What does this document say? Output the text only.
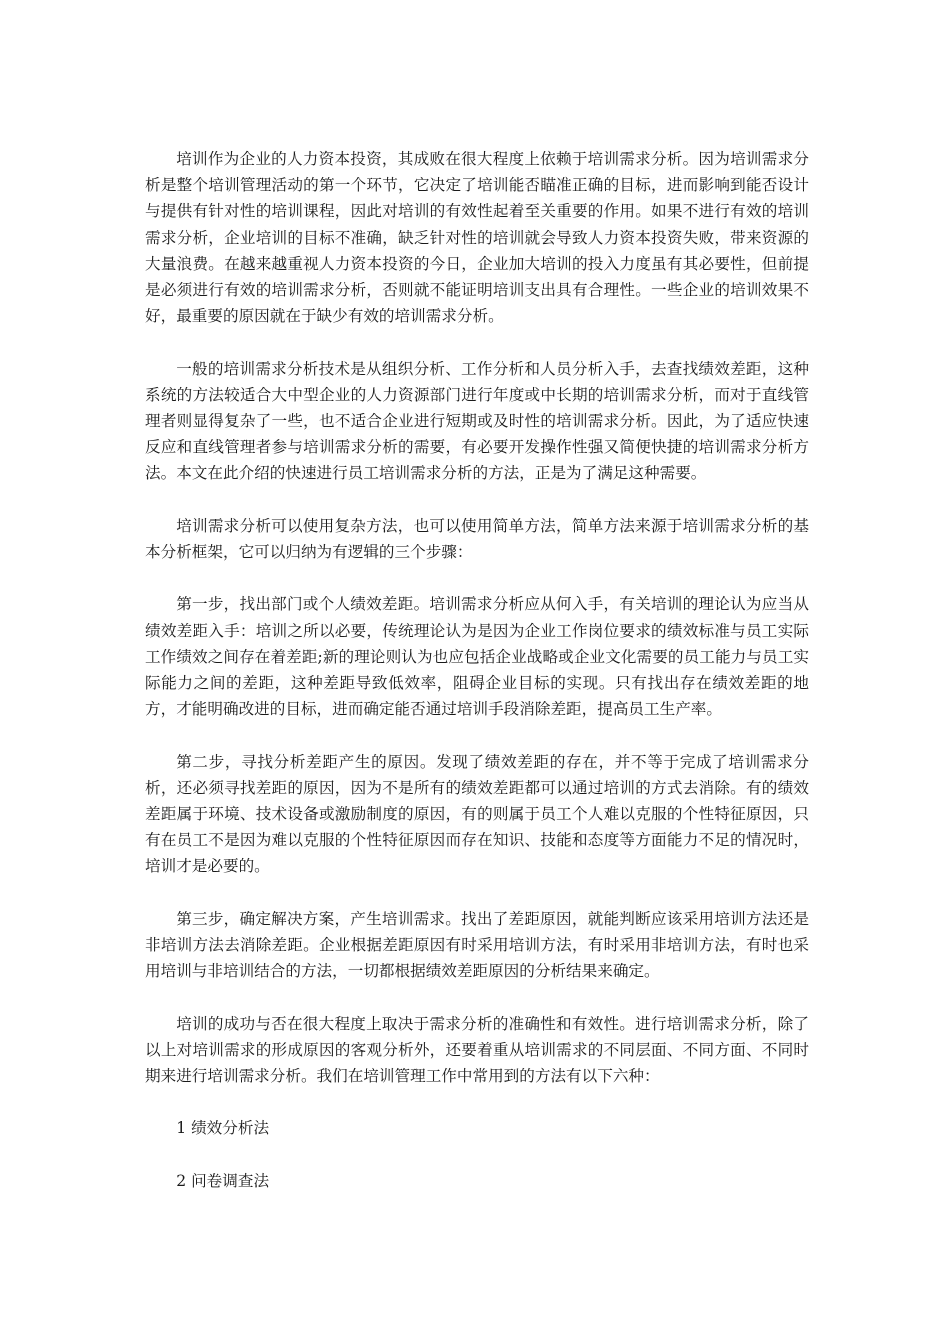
培训作为企业的人力资本投资，其成败在很大程度上依赖于培训需求分析。因为培训需求分析是整个培训管理活动的第一个环节，它决定了培训能否瞄准正确的目标，进而影响到能否设计与提供有针对性的培训课程，因此对培训的有效性起着至关重要的作用。如果不进行有效的培训需求分析，企业培训的目标不准确，缺乏针对性的培训就会导致人力资本投资失败，带来资源的大量浪费。在越来越重视人力资本投资的今日，企业加大培训的投入力度虽有其必要性，但前提是必须进行有效的培训需求分析，否则就不能证明培训支出具有合理性。一些企业的培训效果不好，最重要的原因就在于缺少有效的培训需求分析。

一般的培训需求分析技术是从组织分析、工作分析和人员分析入手，去查找绩效差距，这种系统的方法较适合大中型企业的人力资源部门进行年度或中长期的培训需求分析，而对于直线管理者则显得复杂了一些，也不适合企业进行短期或及时性的培训需求分析。因此，为了适应快速反应和直线管理者参与培训需求分析的需要，有必要开发操作性强又简便快捷的培训需求分析方法。本文在此介绍的快速进行员工培训需求分析的方法，正是为了满足这种需要。

培训需求分析可以使用复杂方法，也可以使用简单方法，简单方法来源于培训需求分析的基本分析框架，它可以归纳为有逻辑的三个步骤：

第一步，找出部门或个人绩效差距。培训需求分析应从何入手，有关培训的理论认为应当从绩效差距入手：培训之所以必要，传统理论认为是因为企业工作岗位要求的绩效标准与员工实际工作绩效之间存在着差距;新的理论则认为也应包括企业战略或企业文化需要的员工能力与员工实际能力之间的差距，这种差距导致低效率，阻碍企业目标的实现。只有找出存在绩效差距的地方，才能明确改进的目标，进而确定能否通过培训手段消除差距，提高员工生产率。

第二步，寻找分析差距产生的原因。发现了绩效差距的存在，并不等于完成了培训需求分析，还必须寻找差距的原因，因为不是所有的绩效差距都可以通过培训的方式去消除。有的绩效差距属于环境、技术设备或激励制度的原因，有的则属于员工个人难以克服的个性特征原因，只有在员工不是因为难以克服的个性特征原因而存在知识、技能和态度等方面能力不足的情况时，培训才是必要的。

第三步，确定解决方案，产生培训需求。找出了差距原因，就能判断应该采用培训方法还是非培训方法去消除差距。企业根据差距原因有时采用培训方法，有时采用非培训方法，有时也采用培训与非培训结合的方法，一切都根据绩效差距原因的分析结果来确定。

培训的成功与否在很大程度上取决于需求分析的准确性和有效性。进行培训需求分析，除了以上对培训需求的形成原因的客观分析外，还要着重从培训需求的不同层面、不同方面、不同时期来进行培训需求分析。我们在培训管理工作中常用到的方法有以下六种：

1 绩效分析法

2 问卷调查法
